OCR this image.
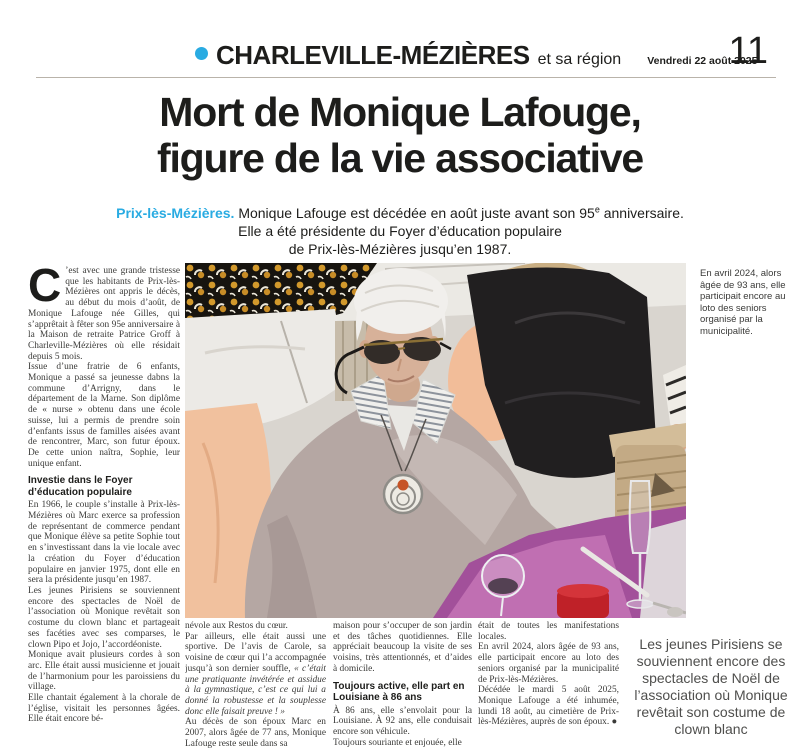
CHARLEVILLE-MÉZIÈRES et sa région Vendredi 22 août 2025
11
Mort de Monique Lafouge,
figure de la vie associative
Prix-lès-Mézières. Monique Lafouge est décédée en août juste avant son 95e anniversaire.
Elle a été présidente du Foyer d’éducation populaire
de Prix-lès-Mézières jusqu’en 1987.

C ’est avec une grande tristesse que les habitants de Prix-lès-Mézières ont appris le décès, au début du mois d’août, de Monique Lafouge née Gilles, qui s’apprêtait à fêter son 95e anniversaire à la Maison de retraite Patrice Groff à Charleville-Mézières où elle résidait depuis 5 mois.

Issue d’une fratrie de 6 enfants, Monique a passé sa jeunesse dabns la commune d’Arrigny, dans le département de la Marne. Son diplôme de « nurse » obtenu dans une école suisse, lui a permis de prendre soin d’enfants issus de familles aisées avant de rencontrer, Marc, son futur époux. De cette union naîtra, Sophie, leur unique enfant.

Investie dans le Foyer d’éducation populaire

En 1966, le couple s’installe à Prix-lès-Mézières où Marc exerce sa profession de représentant de commerce pendant que Monique élève sa petite Sophie tout en s’investissant dans la vie locale avec la création du Foyer d’éducation populaire en janvier 1975, dont elle en sera la présidente jusqu’en 1987.

Les jeunes Pirisiens se souviennent encore des spectacles de Noël de l’association où Monique revêtait son costume du clown blanc et partageait ses facéties avec ses comparses, le clown Pipo et Jojo, l’accordéoniste.

Monique avait plusieurs cordes à son arc. Elle était aussi musicienne et jouait de l’harmonium pour les paroissiens du village.

Elle chantait également à la chorale de l’église, visitait les personnes âgées. Elle était encore bé-

En avril 2024, alors âgée de 93 ans, elle participait encore au loto des seniors organisé par la municipalité.

névole aux Restos du cœur.

Par ailleurs, elle était aussi une sportive. De l’avis de Carole, sa voisine de cœur qui l’a accompagnée jusqu’à son dernier souffle, « c’était une pratiquante invétérée et assidue à la gymnastique, c’est ce qui lui a donné la robustesse et la souplesse donc elle faisait preuve ! »

Au décès de son époux Marc en 2007, alors âgée de 77 ans, Monique Lafouge reste seule dans sa

maison pour s’occuper de son jardin et des tâches quotidiennes. Elle appréciait beaucoup la visite de ses voisins, très attentionnés, et d’aides à domicile.

Toujours active, elle part en Louisiane à 86 ans

À 86 ans, elle s’envolait pour la Louisiane. À 92 ans, elle conduisait encore son véhicule.

Toujours souriante et enjouée, elle

était de toutes les manifestations locales.

En avril 2024, alors âgée de 93 ans, elle participait encore au loto des seniors organisé par la municipalité de Prix-lès-Mézières.

Décédée le mardi 5 août 2025, Monique Lafouge a été inhumée, lundi 18 août, au cimetière de Prix-lès-Mézières, auprès de son époux. ●

Les jeunes Pirisiens se souviennent encore des spectacles de Noël de l’association où Monique revêtait son costume de clown blanc
